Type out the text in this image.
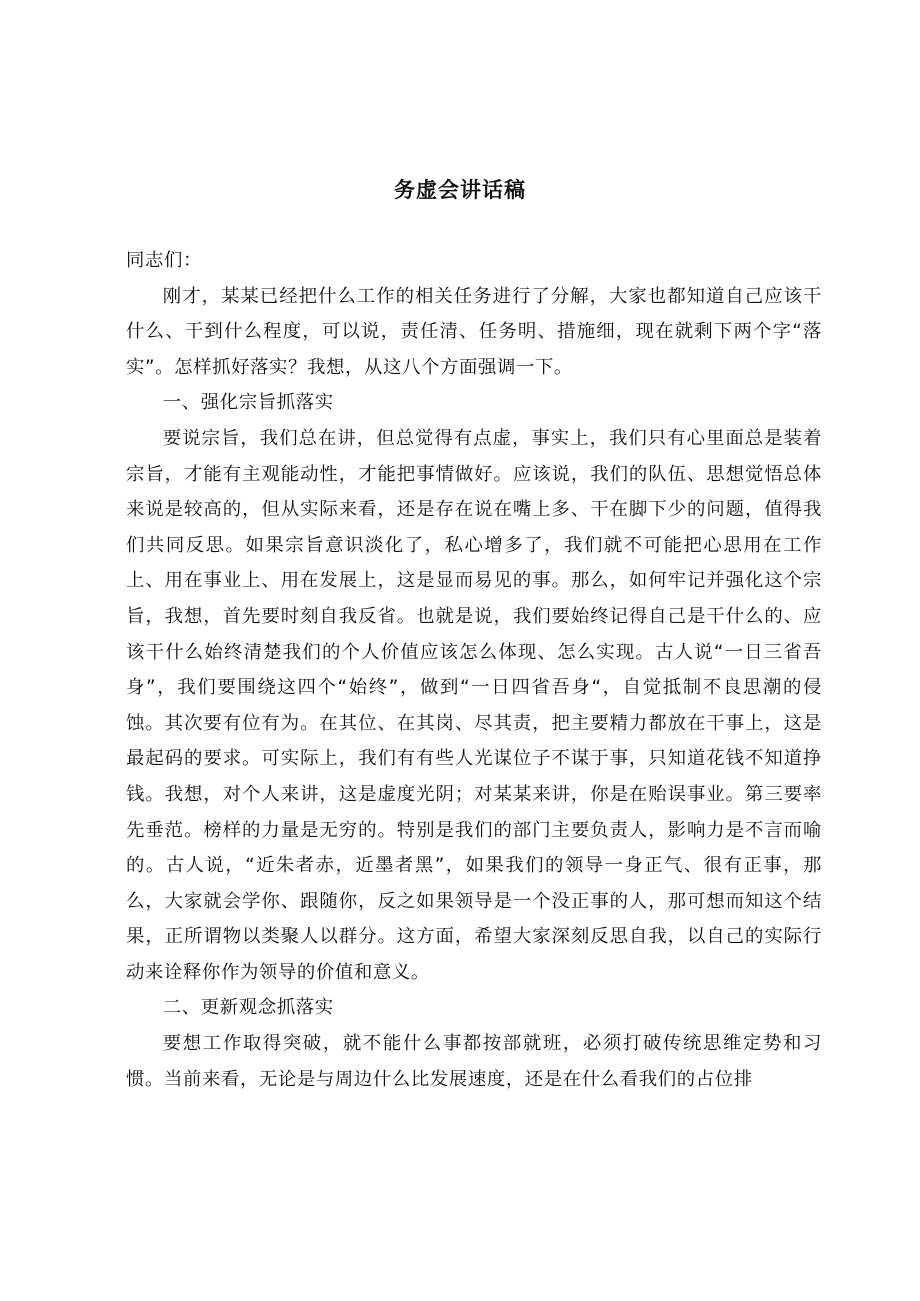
务虚会讲话稿

同志们：

刚才，某某已经把什么工作的相关任务进行了分解，大家也都知道自己应该干什么、干到什么程度，可以说，责任清、任务明、措施细，现在就剩下两个字“落实”。怎样抓好落实？我想，从这八个方面强调一下。

一、强化宗旨抓落实

要说宗旨，我们总在讲，但总觉得有点虚，事实上，我们只有心里面总是装着宗旨，才能有主观能动性，才能把事情做好。应该说，我们的队伍、思想觉悟总体来说是较高的，但从实际来看，还是存在说在嘴上多、干在脚下少的问题，值得我们共同反思。如果宗旨意识淡化了，私心增多了，我们就不可能把心思用在工作上、用在事业上、用在发展上，这是显而易见的事。那么，如何牢记并强化这个宗旨，我想，首先要时刻自我反省。也就是说，我们要始终记得自己是干什么的、应该干什么始终清楚我们的个人价值应该怎么体现、怎么实现。古人说“一日三省吾身”，我们要围绕这四个“始终”，做到“一日四省吾身“，自觉抵制不良思潮的侵蚀。其次要有位有为。在其位、在其岗、尽其责，把主要精力都放在干事上，这是最起码的要求。可实际上，我们有有些人光谋位子不谋于事，只知道花钱不知道挣钱。我想，对个人来讲，这是虚度光阴；对某某来讲，你是在贻误事业。第三要率先垂范。榜样的力量是无穷的。特别是我们的部门主要负责人，影响力是不言而喻的。古人说，“近朱者赤，近墨者黑”，如果我们的领导一身正气、很有正事，那么，大家就会学你、跟随你，反之如果领导是一个没正事的人，那可想而知这个结果，正所谓物以类聚人以群分。这方面，希望大家深刻反思自我，以自己的实际行动来诠释你作为领导的价值和意义。

二、更新观念抓落实

要想工作取得突破，就不能什么事都按部就班，必须打破传统思维定势和习惯。当前来看，无论是与周边什么比发展速度，还是在什么看我们的占位排
